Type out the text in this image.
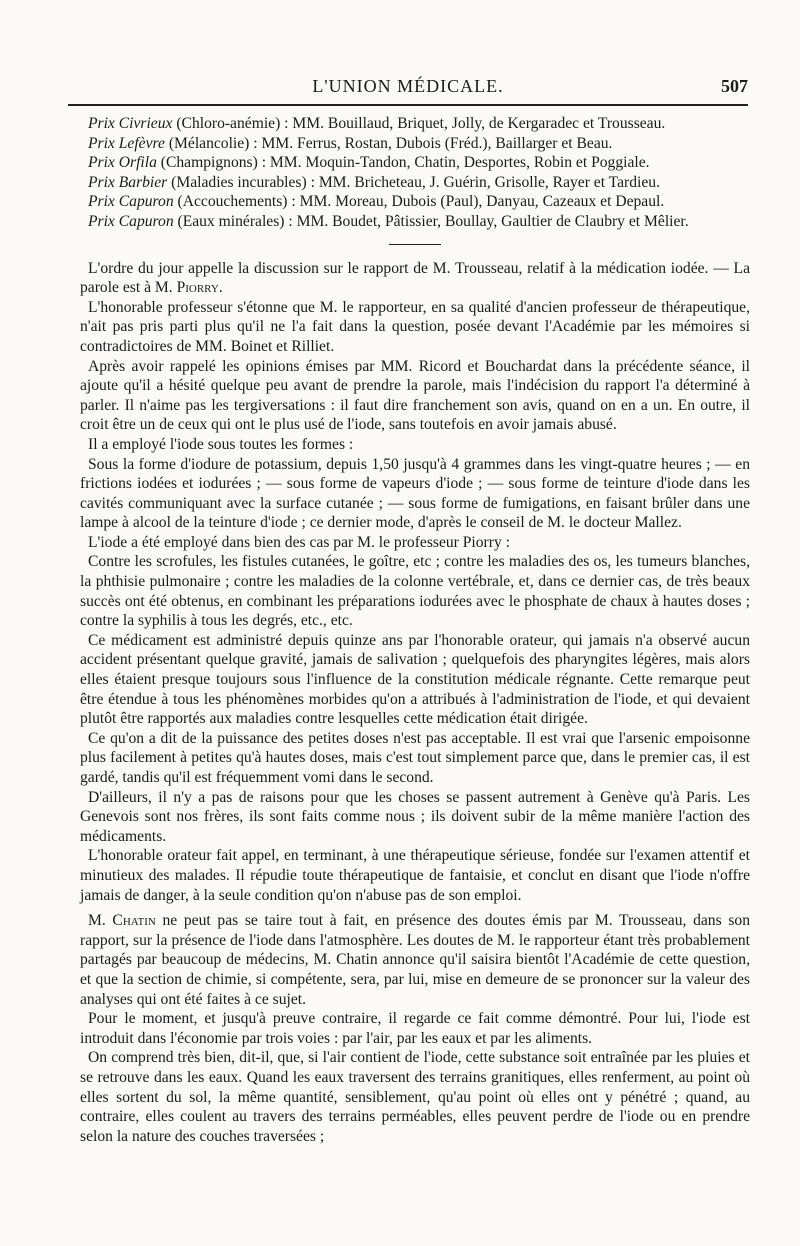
L'UNION MÉDICALE.	507

Prix Civrieux (Chloro-anémie) : MM. Bouillaud, Briquet, Jolly, de Kergaradec et Trousseau.

Prix Lefèvre (Mélancolie) : MM. Ferrus, Rostan, Dubois (Fréd.), Baillarger et Beau.

Prix Orfila (Champignons) : MM. Moquin-Tandon, Chatin, Desportes, Robin et Poggiale.

Prix Barbier (Maladies incurables) : MM. Bricheteau, J. Guérin, Grisolle, Rayer et Tardieu.

Prix Capuron (Accouchements) : MM. Moreau, Dubois (Paul), Danyau, Cazeaux et Depaul.

Prix Capuron (Eaux minérales) : MM. Boudet, Pâtissier, Boullay, Gaultier de Claubry et Mêlier.

L'ordre du jour appelle la discussion sur le rapport de M. Trousseau, relatif à la médication iodée. — La parole est à M. Piorry.

L'honorable professeur s'étonne que M. le rapporteur, en sa qualité d'ancien professeur de thérapeutique, n'ait pas pris parti plus qu'il ne l'a fait dans la question, posée devant l'Académie par les mémoires si contradictoires de MM. Boinet et Rilliet.

Après avoir rappelé les opinions émises par MM. Ricord et Bouchardat dans la précédente séance, il ajoute qu'il a hésité quelque peu avant de prendre la parole, mais l'indécision du rapport l'a déterminé à parler. Il n'aime pas les tergiversations : il faut dire franchement son avis, quand on en a un. En outre, il croit être un de ceux qui ont le plus usé de l'iode, sans toutefois en avoir jamais abusé.

Il a employé l'iode sous toutes les formes :

Sous la forme d'iodure de potassium, depuis 1,50 jusqu'à 4 grammes dans les vingt-quatre heures ; — en frictions iodées et iodurées ; — sous forme de vapeurs d'iode ; — sous forme de teinture d'iode dans les cavités communiquant avec la surface cutanée ; — sous forme de fumigations, en faisant brûler dans une lampe à alcool de la teinture d'iode ; ce dernier mode, d'après le conseil de M. le docteur Mallez.

L'iode a été employé dans bien des cas par M. le professeur Piorry :

Contre les scrofules, les fistules cutanées, le goître, etc ; contre les maladies des os, les tumeurs blanches, la phthisie pulmonaire ; contre les maladies de la colonne vertébrale, et, dans ce dernier cas, de très beaux succès ont été obtenus, en combinant les préparations iodurées avec le phosphate de chaux à hautes doses ; contre la syphilis à tous les degrés, etc., etc.

Ce médicament est administré depuis quinze ans par l'honorable orateur, qui jamais n'a observé aucun accident présentant quelque gravité, jamais de salivation ; quelquefois des pharyngites légères, mais alors elles étaient presque toujours sous l'influence de la constitution médicale régnante. Cette remarque peut être étendue à tous les phénomènes morbides qu'on a attribués à l'administration de l'iode, et qui devaient plutôt être rapportés aux maladies contre lesquelles cette médication était dirigée.

Ce qu'on a dit de la puissance des petites doses n'est pas acceptable. Il est vrai que l'arsenic empoisonne plus facilement à petites qu'à hautes doses, mais c'est tout simplement parce que, dans le premier cas, il est gardé, tandis qu'il est fréquemment vomi dans le second.

D'ailleurs, il n'y a pas de raisons pour que les choses se passent autrement à Genève qu'à Paris. Les Genevois sont nos frères, ils sont faits comme nous ; ils doivent subir de la même manière l'action des médicaments.

L'honorable orateur fait appel, en terminant, à une thérapeutique sérieuse, fondée sur l'examen attentif et minutieux des malades. Il répudie toute thérapeutique de fantaisie, et conclut en disant que l'iode n'offre jamais de danger, à la seule condition qu'on n'abuse pas de son emploi.

M. Chatin ne peut pas se taire tout à fait, en présence des doutes émis par M. Trousseau, dans son rapport, sur la présence de l'iode dans l'atmosphère. Les doutes de M. le rapporteur étant très probablement partagés par beaucoup de médecins, M. Chatin annonce qu'il saisira bientôt l'Académie de cette question, et que la section de chimie, si compétente, sera, par lui, mise en demeure de se prononcer sur la valeur des analyses qui ont été faites à ce sujet.

Pour le moment, et jusqu'à preuve contraire, il regarde ce fait comme démontré. Pour lui, l'iode est introduit dans l'économie par trois voies : par l'air, par les eaux et par les aliments.

On comprend très bien, dit-il, que, si l'air contient de l'iode, cette substance soit entraînée par les pluies et se retrouve dans les eaux. Quand les eaux traversent des terrains granitiques, elles renferment, au point où elles sortent du sol, la même quantité, sensiblement, qu'au point où elles ont y pénétré ; quand, au contraire, elles coulent au travers des terrains perméables, elles peuvent perdre de l'iode ou en prendre selon la nature des couches traversées ;
